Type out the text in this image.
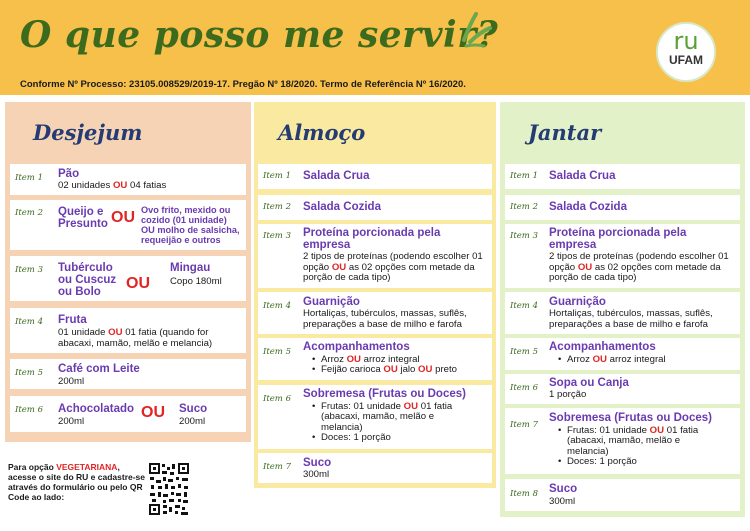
O que posso me servir?
Conforme Nº Processo: 23105.008529/2019-17. Pregão Nº 18/2020. Termo de Referência Nº 16/2020.
ru
UFAM
Desjejum
Item 1 Pão
02 unidades OU 04 fatias
Item 2 Queijo e Presunto OU Ovo frito, mexido ou cozido (01 unidade)
OU molho de salsicha, requeijão e outros
Item 3 Tubérculo ou Cuscuz ou Bolo	OU
Mingau
Copo 180ml
Item 4 Fruta
01 unidade OU 01 fatia (quando for abacaxi, mamão, melão e melancia)
Item 5 Café com Leite
200ml
Item 6 Achocolatado
200ml
OU Suco
200ml
Almoço
Item 1 Salada Crua
Item 2 Salada Cozida
Item 3 Proteína porcionada pela empresa
2 tipos de proteínas (podendo escolher 01 opção OU as 02 opções com metade da porção de cada tipo)
Item 4 Guarnição
Hortaliças, tubérculos, massas, suflês, preparações a base de milho e farofa
Item 5 Acompanhamentos
• Arroz OU arroz integral
• Feijão carioca OU jalo OU preto
Item 6 Sobremesa (Frutas ou Doces)
• Frutas: 01 unidade OU 01 fatia (abacaxi, mamão, melão e melancia)
• Doces: 1 porção
Item 7 Suco
300ml
Jantar
Item 1 Salada Crua
Item 2 Salada Cozida
Item 3 Proteína porcionada pela empresa
2 tipos de proteínas (podendo escolher 01 opção OU as 02 opções com metade da porção de cada tipo)
Item 4 Guarnição
Hortaliças, tubérculos, massas, suflês, preparações a base de milho e farofa
Item 5 Acompanhamentos
• Arroz OU arroz integral
Item 6 Sopa ou Canja
1 porção
Item 7
Sobremesa (Frutas ou Doces)
• Frutas: 01 unidade OU 01 fatia (abacaxi, mamão, melão e melancia)
• Doces: 1 porção
Item 8 Suco
300ml
Para opção VEGETARIANA, acesse o site do RU e cadastre-se através do formulário ou pelo QR Code ao lado:
